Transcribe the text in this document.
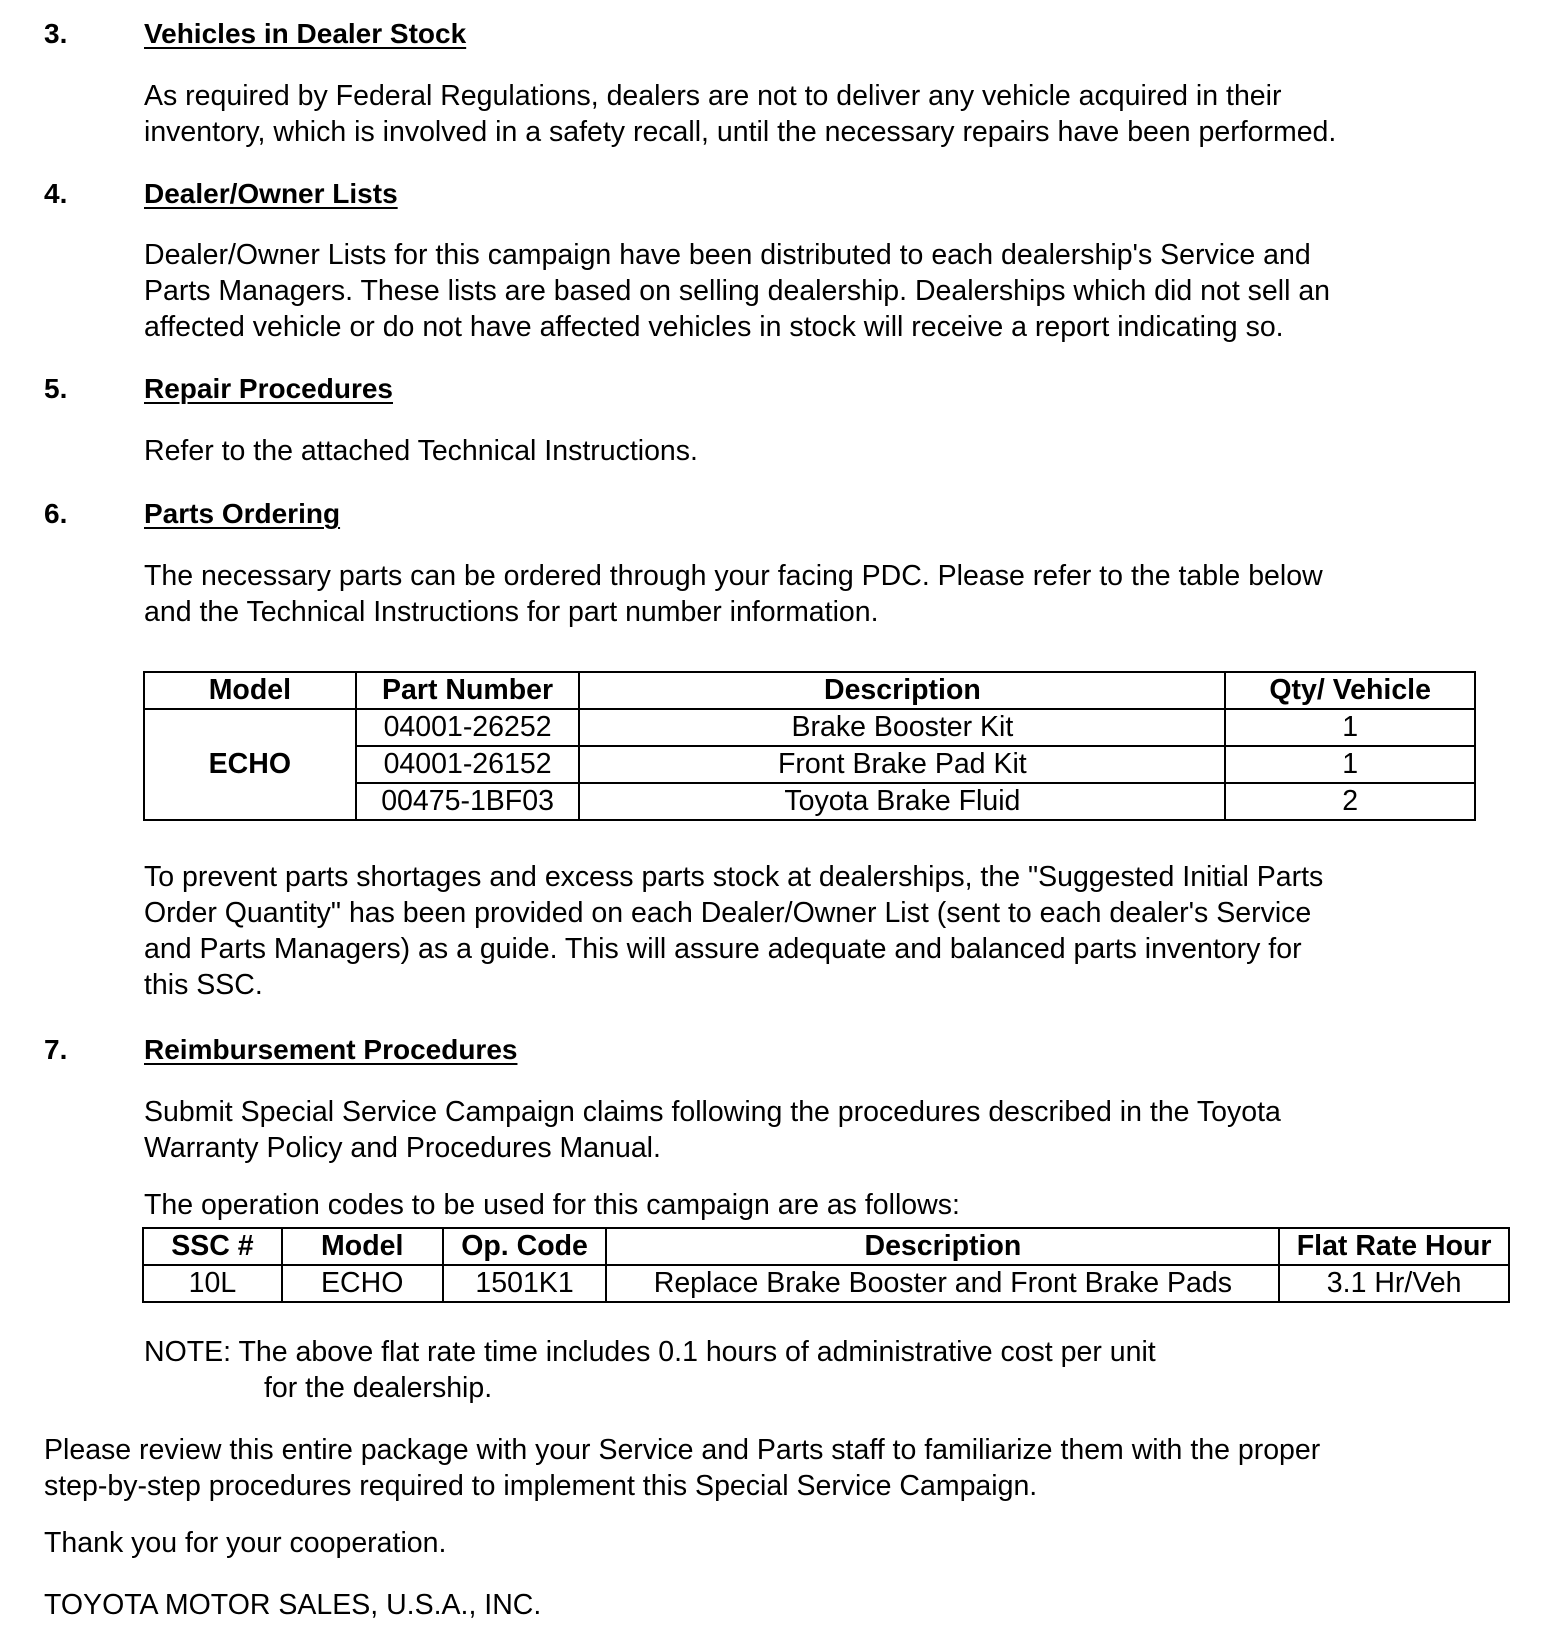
3.	Vehicles in Dealer Stock
As required by Federal Regulations, dealers are not to deliver any vehicle acquired in their
inventory, which is involved in a safety recall, until the necessary repairs have been performed.
4.	Dealer/Owner Lists
Dealer/Owner Lists for this campaign have been distributed to each dealership's Service and
Parts Managers. These lists are based on selling dealership. Dealerships which did not sell an
affected vehicle or do not have affected vehicles in stock will receive a report indicating so.
5.	Repair Procedures
Refer to the attached Technical Instructions.
6.	Parts Ordering
The necessary parts can be ordered through your facing PDC. Please refer to the table below
and the Technical Instructions for part number information.
Model	Part Number	Description	Qty/ Vehicle
ECHO	04001-26252	Brake Booster Kit	1
	04001-26152	Front Brake Pad Kit	1
	00475-1BF03	Toyota Brake Fluid	2
To prevent parts shortages and excess parts stock at dealerships, the "Suggested Initial Parts
Order Quantity" has been provided on each Dealer/Owner List (sent to each dealer's Service
and Parts Managers) as a guide. This will assure adequate and balanced parts inventory for
this SSC.
7.	Reimbursement Procedures
Submit Special Service Campaign claims following the procedures described in the Toyota
Warranty Policy and Procedures Manual.
The operation codes to be used for this campaign are as follows:
SSC #	Model	Op. Code	Description	Flat Rate Hour
10L	ECHO	1501K1	Replace Brake Booster and Front Brake Pads	3.1 Hr/Veh
NOTE: The above flat rate time includes 0.1 hours of administrative cost per unit
for the dealership.
Please review this entire package with your Service and Parts staff to familiarize them with the proper
step-by-step procedures required to implement this Special Service Campaign.
Thank you for your cooperation.
TOYOTA MOTOR SALES, U.S.A., INC.
